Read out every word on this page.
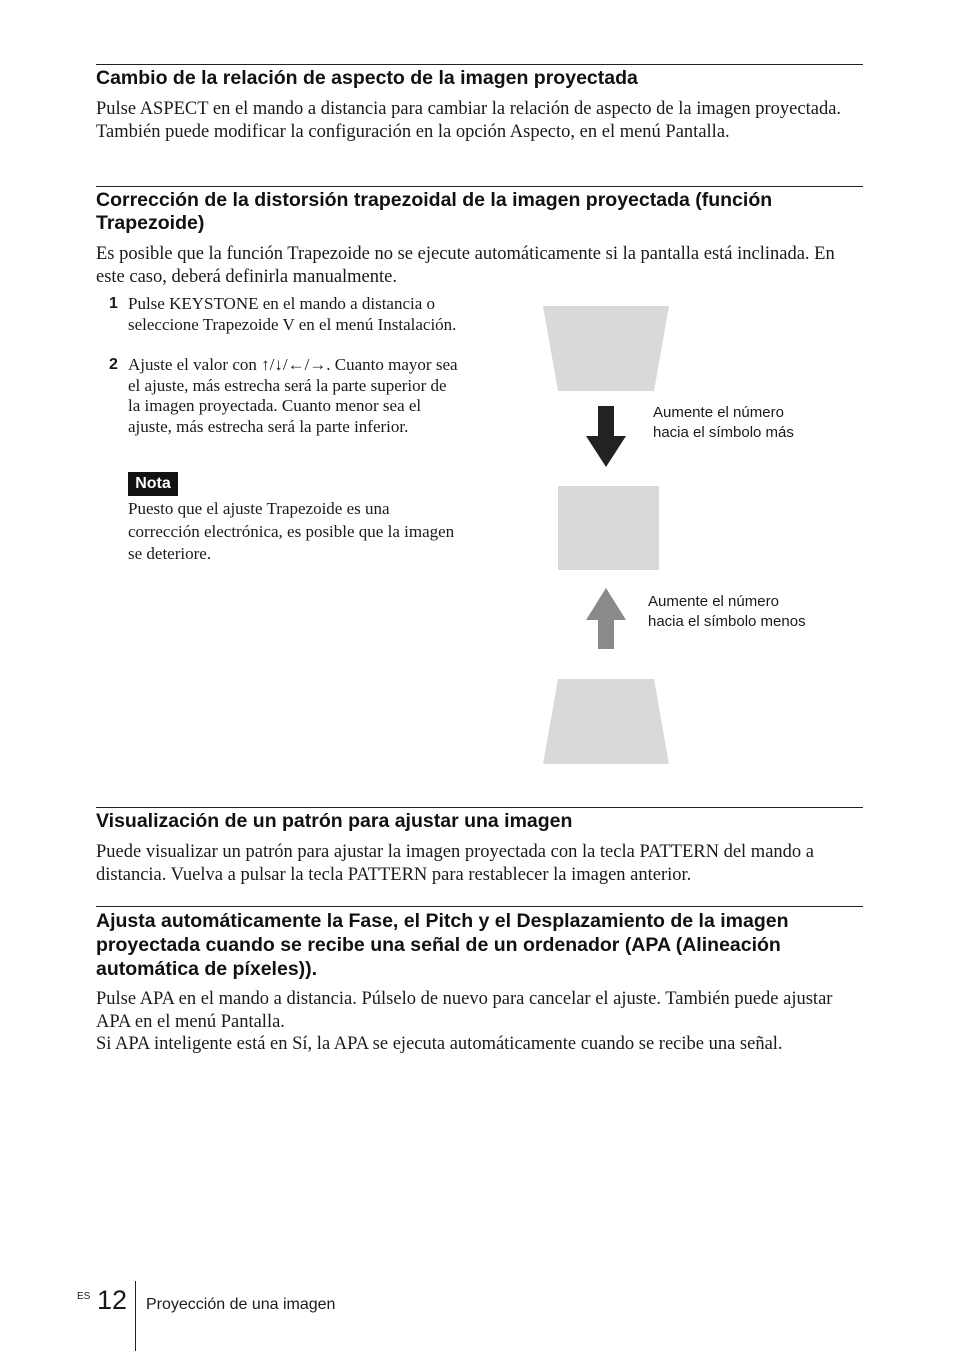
Cambio de la relación de aspecto de la imagen proyectada

Pulse ASPECT en el mando a distancia para cambiar la relación de aspecto de la imagen proyectada. También puede modificar la configuración en la opción Aspecto, en el menú Pantalla.

Corrección de la distorsión trapezoidal de la imagen proyectada (función Trapezoide)

Es posible que la función Trapezoide no se ejecute automáticamente si la pantalla está inclinada. En este caso, deberá definirla manualmente.

1 Pulse KEYSTONE en el mando a distancia o seleccione Trapezoide V en el menú Instalación.

2 Ajuste el valor con ↑/↓/←/→. Cuanto mayor sea el ajuste, más estrecha será la parte superior de la imagen proyectada. Cuanto menor sea el ajuste, más estrecha será la parte inferior.

Nota

Puesto que el ajuste Trapezoide es una corrección electrónica, es posible que la imagen se deteriore.

Aumente el número

hacia el símbolo más

Aumente el número

hacia el símbolo menos

Visualización de un patrón para ajustar una imagen

Puede visualizar un patrón para ajustar la imagen proyectada con la tecla PATTERN del mando a distancia. Vuelva a pulsar la tecla PATTERN para restablecer la imagen anterior.

Ajusta automáticamente la Fase, el Pitch y el Desplazamiento de la imagen proyectada cuando se recibe una señal de un ordenador (APA (Alineación automática de píxeles)).

Pulse APA en el mando a distancia. Púlselo de nuevo para cancelar el ajuste. También puede ajustar APA en el menú Pantalla.

Si APA inteligente está en Sí, la APA se ejecuta automáticamente cuando se recibe una señal.

ES 12 Proyección de una imagen
